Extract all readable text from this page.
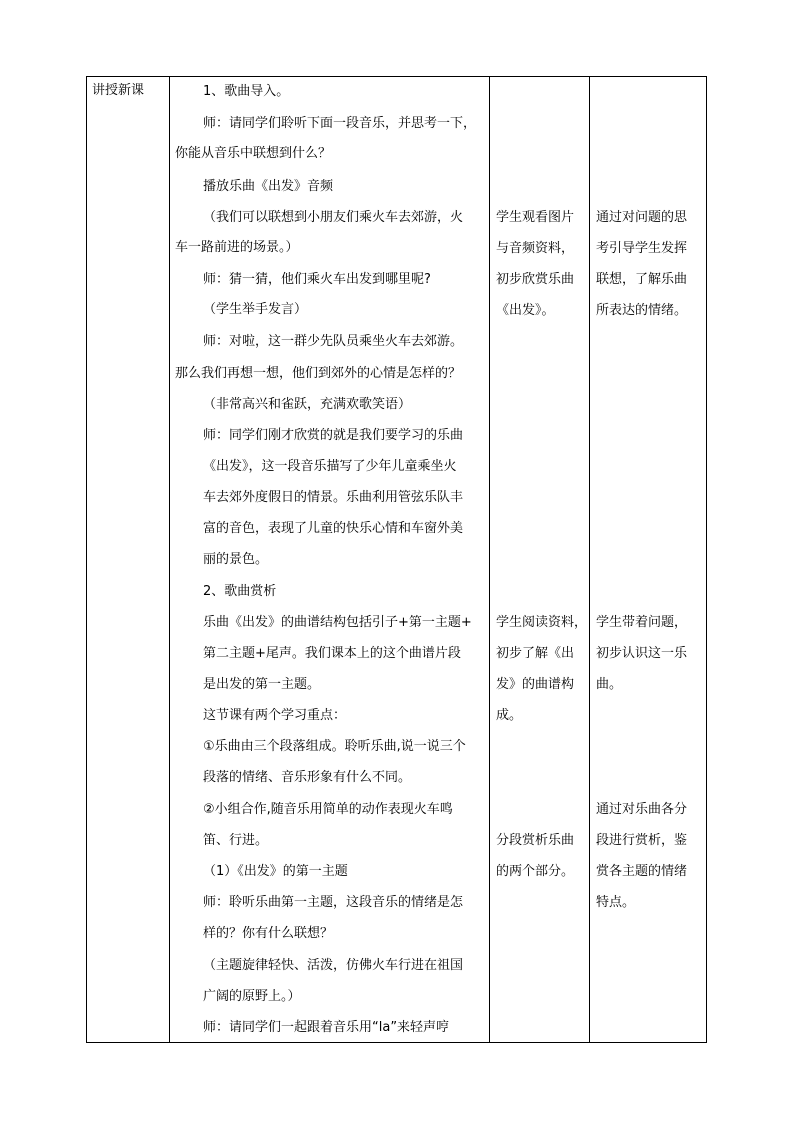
讲授新课	1、歌曲导入。
师：请同学们聆听下面一段音乐，并思考一下，
你能从音乐中联想到什么？
播放乐曲《出发》音频
（我们可以联想到小朋友们乘火车去郊游，火
车一路前进的场景。）
师：猜一猜，他们乘火车出发到哪里呢?
（学生举手发言）
师：对啦，这一群少先队员乘坐火车去郊游。
那么我们再想一想，他们到郊外的心情是怎样的？
（非常高兴和雀跃，充满欢歌笑语）
师：同学们刚才欣赏的就是我们要学习的乐曲
《出发》，这一段音乐描写了少年儿童乘坐火
车去郊外度假日的情景。乐曲利用管弦乐队丰
富的音色，表现了儿童的快乐心情和车窗外美
丽的景色。
2、歌曲赏析
乐曲《出发》的曲谱结构包括引子+第一主题+
第二主题+尾声。我们课本上的这个曲谱片段
是出发的第一主题。
这节课有两个学习重点：
①乐曲由三个段落组成。聆听乐曲,说一说三个
段落的情绪、音乐形象有什么不同。
②小组合作,随音乐用简单的动作表现火车鸣
笛、行进。
（1）《出发》的第一主题
师：聆听乐曲第一主题，这段音乐的情绪是怎
样的？你有什么联想？
（主题旋律轻快、活泼，仿佛火车行进在祖国
广阔的原野上。）
师：请同学们一起跟着音乐用“la”来轻声哼
学生观看图片
与音频资料，
初步欣赏乐曲
《出发》。
学生阅读资料，
初步了解《出
发》的曲谱构
成。
分段赏析乐曲
的两个部分。
通过对问题的思
考引导学生发挥
联想，了解乐曲
所表达的情绪。
学生带着问题，
初步认识这一乐
曲。
通过对乐曲各分
段进行赏析，鉴
赏各主题的情绪
特点。
